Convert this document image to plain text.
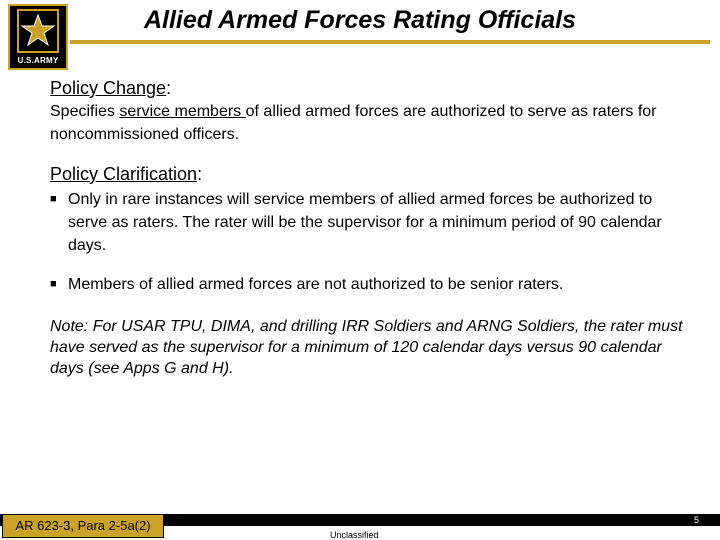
U.S.ARMY
Allied Armed Forces Rating Officials
Policy Change:
Specifies service members of allied armed forces are authorized to serve as raters for noncommissioned officers.
Policy Clarification:
■ Only in rare instances will service members of allied armed forces be authorized to serve as raters. The rater will be the supervisor for a minimum period of 90 calendar days.
■ Members of allied armed forces are not authorized to be senior raters.
Note: For USAR TPU, DIMA, and drilling IRR Soldiers and ARNG Soldiers, the rater must have served as the supervisor for a minimum of 120 calendar days versus 90 calendar days (see Apps G and H).
AR 623-3, Para 2-5a(2)
Unclassified
5
